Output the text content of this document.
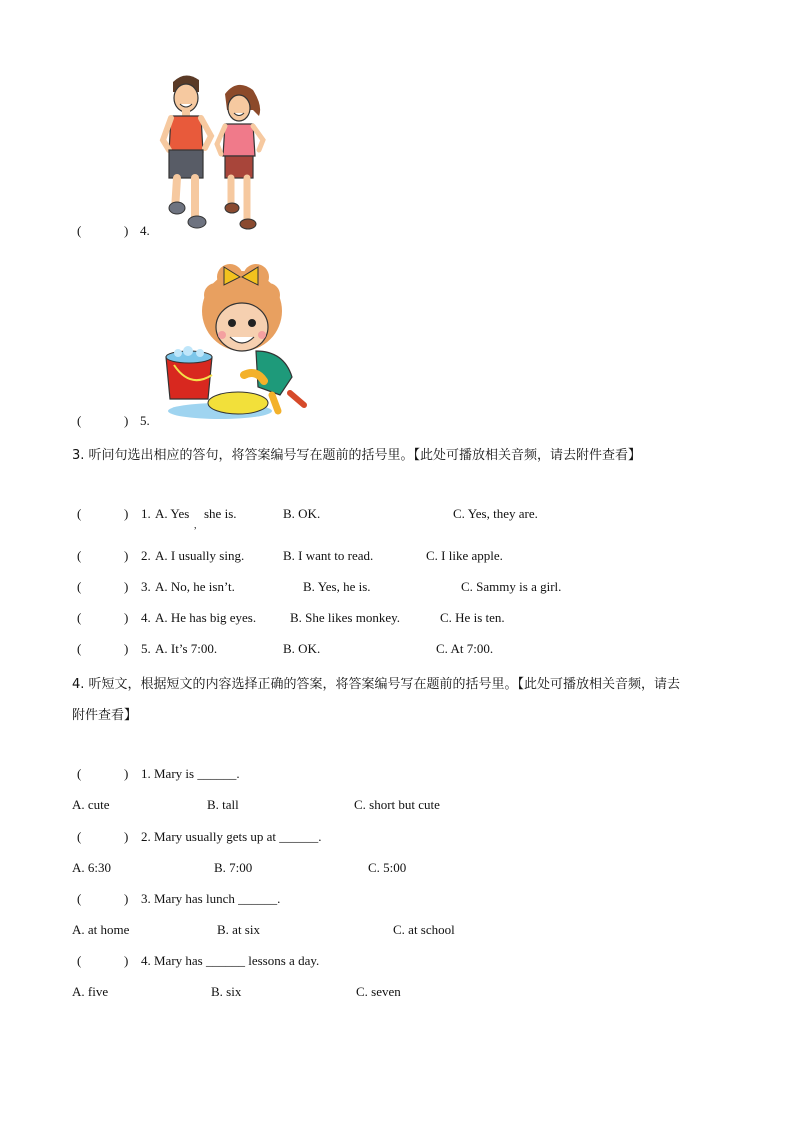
(	) 4.
(	) 5.
3. 听问句选出相应的答句，将答案编号写在题前的括号里。【此处可播放相关音频，请去附件查看】
(	) 1. A. Yes
,
she is.	B. OK.	C. Yes, they are.
(	) 2. A. I usually sing.	B. I want to read.	C. I like apple.
(	) 3. A. No, he isn’t.	B. Yes, he is.	C. Sammy is a girl.
(	) 4. A. He has big eyes.	B. She likes monkey.	C. He is ten.
(	) 5. A. It’s 7:00.	B. OK.	C. At 7:00.
4. 听短文，根据短文的内容选择正确的答案，将答案编号写在题前的括号里。【此处可播放相关音频，请去
附件查看】
(	) 1. Mary is ______.
A. cute	B. tall	C. short but cute
(	) 2. Mary usually gets up at ______.
A. 6:30	B. 7:00	C. 5:00
(	) 3. Mary has lunch ______.
A. at home	B. at six	C. at school
(	) 4. Mary has ______ lessons a day.
A. five	B. six	C. seven
